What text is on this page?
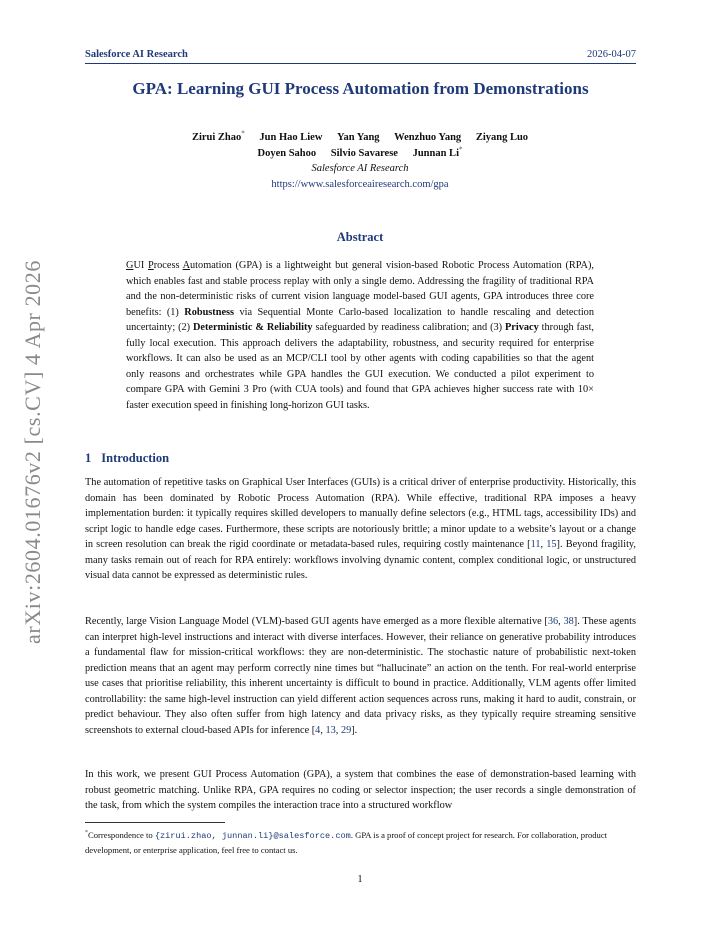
Salesforce AI Research	2026-04-07
arXiv:2604.01676v2 [cs.CV] 4 Apr 2026
GPA: Learning GUI Process Automation from Demonstrations
Zirui Zhao* Jun Hao Liew Yan Yang Wenzhuo Yang Ziyang Luo
Doyen Sahoo Silvio Savarese Junnan Li*
Salesforce AI Research
https://www.salesforceairesearch.com/gpa
Abstract

GUI Process Automation (GPA) is a lightweight but general vision-based Robotic Process Automation (RPA), which enables fast and stable process replay with only a single demo. Addressing the fragility of traditional RPA and the non-deterministic risks of current vision language model-based GUI agents, GPA introduces three core benefits: (1) Robustness via Sequential Monte Carlo-based localization to handle rescaling and detection uncertainty; (2) Deterministic & Reliability safeguarded by readiness calibration; and (3) Privacy through fast, fully local execution. This approach delivers the adaptability, robustness, and security required for enterprise workflows. It can also be used as an MCP/CLI tool by other agents with coding capabilities so that the agent only reasons and orchestrates while GPA handles the GUI execution. We conducted a pilot experiment to compare GPA with Gemini 3 Pro (with CUA tools) and found that GPA achieves higher success rate with 10× faster execution speed in finishing long-horizon GUI tasks.

1 Introduction

The automation of repetitive tasks on Graphical User Interfaces (GUIs) is a critical driver of enterprise productivity. Historically, this domain has been dominated by Robotic Process Automation (RPA). While effective, traditional RPA imposes a heavy implementation burden: it typically requires skilled developers to manually define selectors (e.g., HTML tags, accessibility IDs) and script logic to handle edge cases. Furthermore, these scripts are notoriously brittle; a minor update to a website’s layout or a change in screen resolution can break the rigid coordinate or metadata-based rules, requiring costly maintenance [11, 15]. Beyond fragility, many tasks remain out of reach for RPA entirely: workflows involving dynamic content, complex conditional logic, or unstructured visual data cannot be expressed as deterministic rules.

Recently, large Vision Language Model (VLM)-based GUI agents have emerged as a more flexible alternative [36, 38]. These agents can interpret high-level instructions and interact with diverse interfaces. However, their reliance on generative probability introduces a fundamental flaw for mission-critical workflows: they are non-deterministic. The stochastic nature of probabilistic next-token prediction means that an agent may perform correctly nine times but “hallucinate” an action on the tenth. For real-world enterprise use cases that prioritise reliability, this inherent uncertainty is difficult to bound in practice. Additionally, VLM agents offer limited controllability: the same high-level instruction can yield different action sequences across runs, making it hard to audit, constrain, or predict behaviour. They also often suffer from high latency and data privacy risks, as they typically require streaming sensitive screenshots to external cloud-based APIs for inference [4, 13, 29].

In this work, we present GUI Process Automation (GPA), a system that combines the ease of demonstration-based learning with robust geometric matching. Unlike RPA, GPA requires no coding or selector inspection; the user records a single demonstration of the task, from which the system compiles the interaction trace into a structured workflow

*Correspondence to {zirui.zhao, junnan.li}@salesforce.com. GPA is a proof of concept project for research. For collaboration, product development, or enterprise application, feel free to contact us.

1
